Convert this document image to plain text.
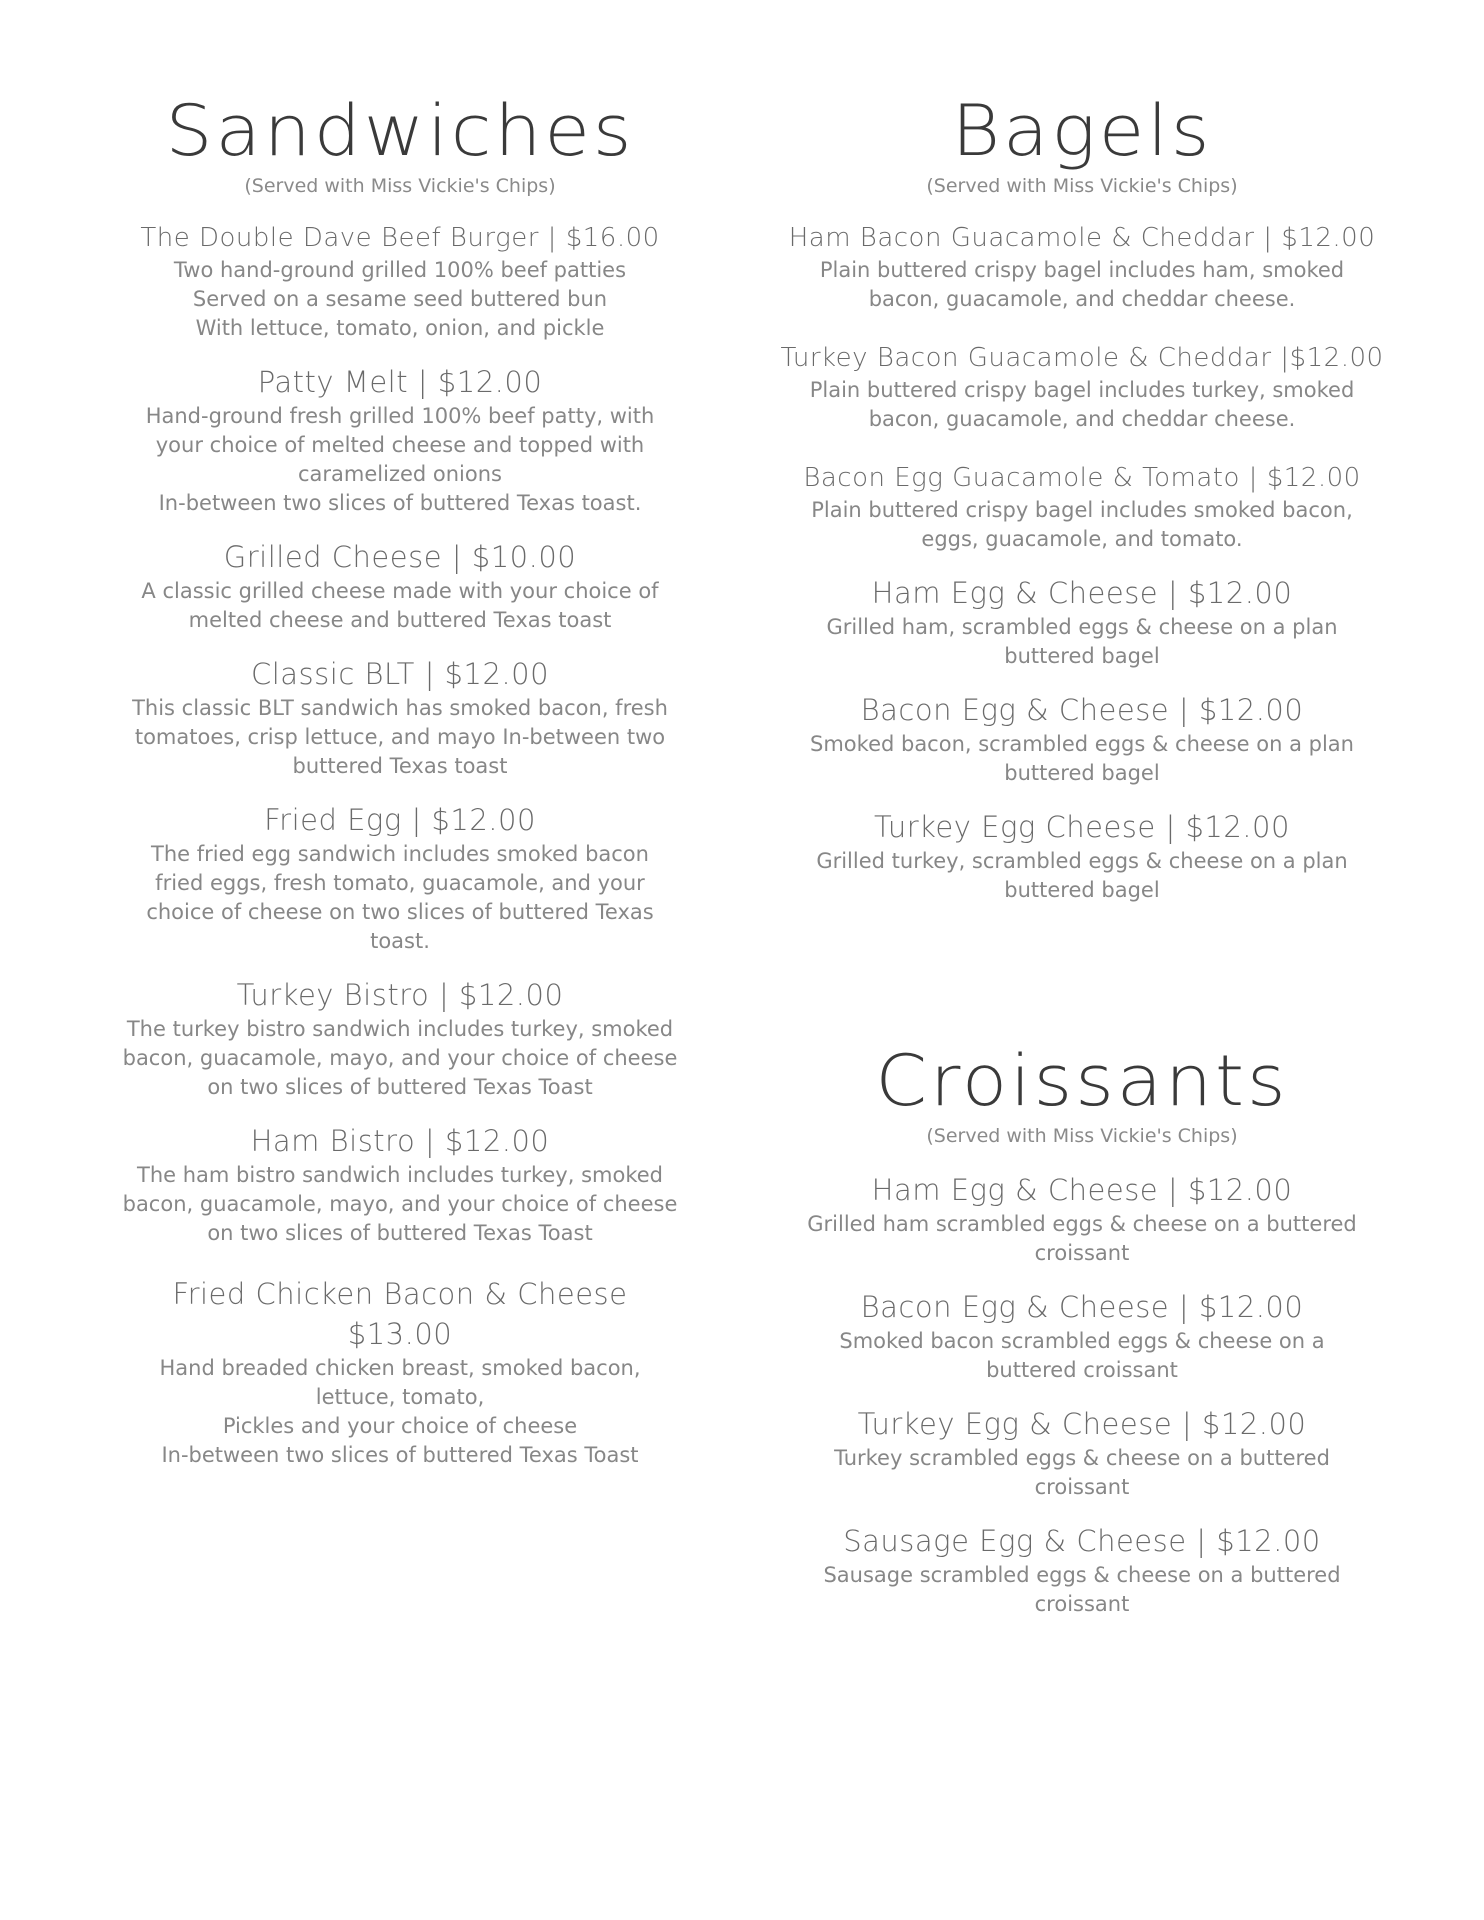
Sandwiches
(Served with Miss Vickie's Chips)
The Double Dave Beef Burger | $16.00
Two hand-ground grilled 100% beef patties
Served on a sesame seed buttered bun
With lettuce, tomato, onion, and pickle
Patty Melt | $12.00
Hand-ground fresh grilled 100% beef patty, with
your choice of melted cheese and topped with
caramelized onions
In-between two slices of buttered Texas toast.
Grilled Cheese | $10.00
A classic grilled cheese made with your choice of
melted cheese and buttered Texas toast
Classic BLT | $12.00
This classic BLT sandwich has smoked bacon, fresh
tomatoes, crisp lettuce, and mayo In-between two
buttered Texas toast
Fried Egg | $12.00
The fried egg sandwich includes smoked bacon
fried eggs, fresh tomato, guacamole, and your
choice of cheese on two slices of buttered Texas
toast.
Turkey Bistro | $12.00
The turkey bistro sandwich includes turkey, smoked
bacon, guacamole, mayo, and your choice of cheese
on two slices of buttered Texas Toast
Ham Bistro | $12.00
The ham bistro sandwich includes turkey, smoked
bacon, guacamole, mayo, and your choice of cheese
on two slices of buttered Texas Toast
Fried Chicken Bacon & Cheese
$13.00
Hand breaded chicken breast, smoked bacon,
lettuce, tomato,
Pickles and your choice of cheese
In-between two slices of buttered Texas Toast
Bagels
(Served with Miss Vickie's Chips)
Ham Bacon Guacamole & Cheddar | $12.00
Plain buttered crispy bagel includes ham, smoked
bacon, guacamole, and cheddar cheese.
Turkey Bacon Guacamole & Cheddar |$12.00
Plain buttered crispy bagel includes turkey, smoked
bacon, guacamole, and cheddar cheese.
Bacon Egg Guacamole & Tomato | $12.00
Plain buttered crispy bagel includes smoked bacon,
eggs, guacamole, and tomato.
Ham Egg & Cheese | $12.00
Grilled ham, scrambled eggs & cheese on a plan
buttered bagel
Bacon Egg & Cheese | $12.00
Smoked bacon, scrambled eggs & cheese on a plan
buttered bagel
Turkey Egg Cheese | $12.00
Grilled turkey, scrambled eggs & cheese on a plan
buttered bagel
Croissants
(Served with Miss Vickie's Chips)
Ham Egg & Cheese | $12.00
Grilled ham scrambled eggs & cheese on a buttered
croissant
Bacon Egg & Cheese | $12.00
Smoked bacon scrambled eggs & cheese on a
buttered croissant
Turkey Egg & Cheese | $12.00
Turkey scrambled eggs & cheese on a buttered
croissant
Sausage Egg & Cheese | $12.00
Sausage scrambled eggs & cheese on a buttered
croissant
